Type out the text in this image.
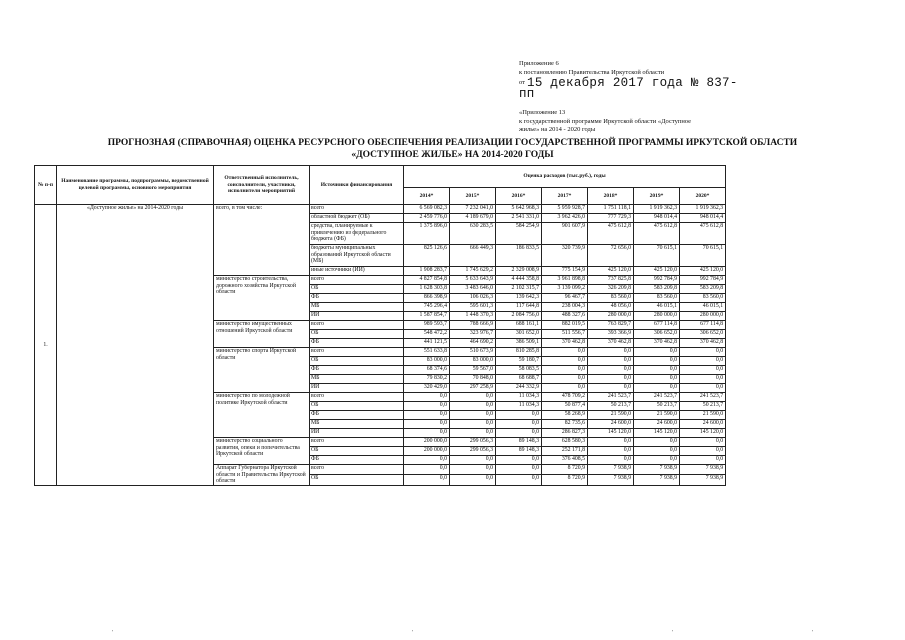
Приложение 6
к постановлению Правительства Иркутской области
от 15 декабря 2017 года № 837-пп
«Приложение 13
к государственной программе Иркутской области «Доступное
жилье» на 2014 - 2020 годы
ПРОГНОЗНАЯ (СПРАВОЧНАЯ) ОЦЕНКА РЕСУРСНОГО ОБЕСПЕЧЕНИЯ РЕАЛИЗАЦИИ ГОСУДАРСТВЕННОЙ ПРОГРАММЫ ИРКУТСКОЙ ОБЛАСТИ
«ДОСТУПНОЕ ЖИЛЬЕ» НА 2014-2020 ГОДЫ
№ п-п	Наименование программы, подпрограммы, ведомственной целевой программы, основного мероприятия	Ответственный исполнитель, соисполнители, участники, исполнители мероприятий	Источники финансирования	Оценка расходов (тыс.руб.), годы						
				2014*	2015*	2016*	2017*	2018*	2019*	2020*
1.	«Доступное жилье» на 2014-2020 годы	всего, в том числе:	всего	6 569 082,3	7 232 041,0	5 642 968,3	5 959 928,7	1 751 118,1	1 919 362,3	1 919 362,3
			областной бюджет (ОБ)	2 459 776,0	4 189 679,0	2 541 331,0	3 962 426,0	777 729,3	948 014,4	948 014,4
			средства, планируемые к привлечению из федерального бюджета (ФБ)	1 375 896,0	630 283,5	584 254,9	901 607,9	475 612,8	475 612,8	475 612,8
			бюджеты муниципальных образований Иркутской области (МБ)	825 126,6	666 449,3	186 833,5	320 739,9	72 656,0	70 615,1	70 615,1
			иные источники (ИИ)	1 908 283,7	1 745 629,2	2 329 008,9	775 154,9	425 120,0	425 120,0	425 120,0
		министерство строительства, дорожного хозяйства Иркутской области	всего	4 827 854,8	5 633 643,9	4 444 358,8	3 961 898,8	737 825,8	992 784,9	992 784,9
			ОБ	1 628 303,8	3 483 646,0	2 102 315,7	3 139 099,2	326 209,8	583 209,8	583 209,8
			ФБ	866 398,9	106 026,3	139 642,3	96 467,7	83 560,0	83 560,0	83 560,0
			МБ	745 296,4	595 601,3	117 644,8	238 004,3	48 056,0	46 015,1	46 015,1
			ИИ	1 587 854,7	1 448 370,3	2 084 756,0	488 327,6	280 000,0	280 000,0	280 000,0
		министерство имущественных отношений Иркутской области	всего	989 593,7	788 666,9	688 161,1	882 019,5	763 829,7	677 114,8	677 114,8
			ОБ	548 472,2	323 976,7	301 652,0	511 556,7	393 366,9	306 652,0	306 652,0
			ФБ	441 121,5	464 690,2	386 509,1	370 462,8	370 462,8	370 462,8	370 462,8
		министерство спорта Иркутской области	всего	551 633,8	510 673,9	810 285,8	0,0	0,0	0,0	0,0
			ОБ	83 000,0	83 000,0	59 180,7	0,0	0,0	0,0	0,0
			ФБ	68 374,6	59 567,0	58 083,5	0,0	0,0	0,0	0,0
			МБ	79 830,2	70 848,0	68 688,7	0,0	0,0	0,0	0,0
			ИИ	320 429,0	297 258,9	244 332,9	0,0	0,0	0,0	0,0
		министерство по молодежной политике Иркутской области	всего	0,0	0,0	11 034,3	478 709,2	241 523,7	241 523,7	241 523,7
			ОБ	0,0	0,0	11 034,3	50 877,4	50 213,7	50 213,7	50 213,7
			ФБ	0,0	0,0	0,0	58 268,9	21 590,0	21 590,0	21 590,0
			МБ	0,0	0,0	0,0	82 735,6	24 600,0	24 600,0	24 600,0
			ИИ	0,0	0,0	0,0	286 827,3	145 120,0	145 120,0	145 120,0
		министерство социального развития, опеки и попечительства Иркутской области	всего	200 000,0	299 056,3	89 148,3	628 580,3	0,0	0,0	0,0
			ОБ	200 000,0	299 056,3	89 148,3	252 171,8	0,0	0,0	0,0
			ФБ	0,0	0,0	0,0	376 408,5	0,0	0,0	0,0
		Аппарат Губернатора Иркутской области и Правительства Иркутской области	всего	0,0	0,0	0,0	8 720,9	7 938,9	7 938,9	7 938,9
			ОБ	0,0	0,0	0,0	8 720,9	7 938,9	7 938,9	7 938,9
'	'	'	'
